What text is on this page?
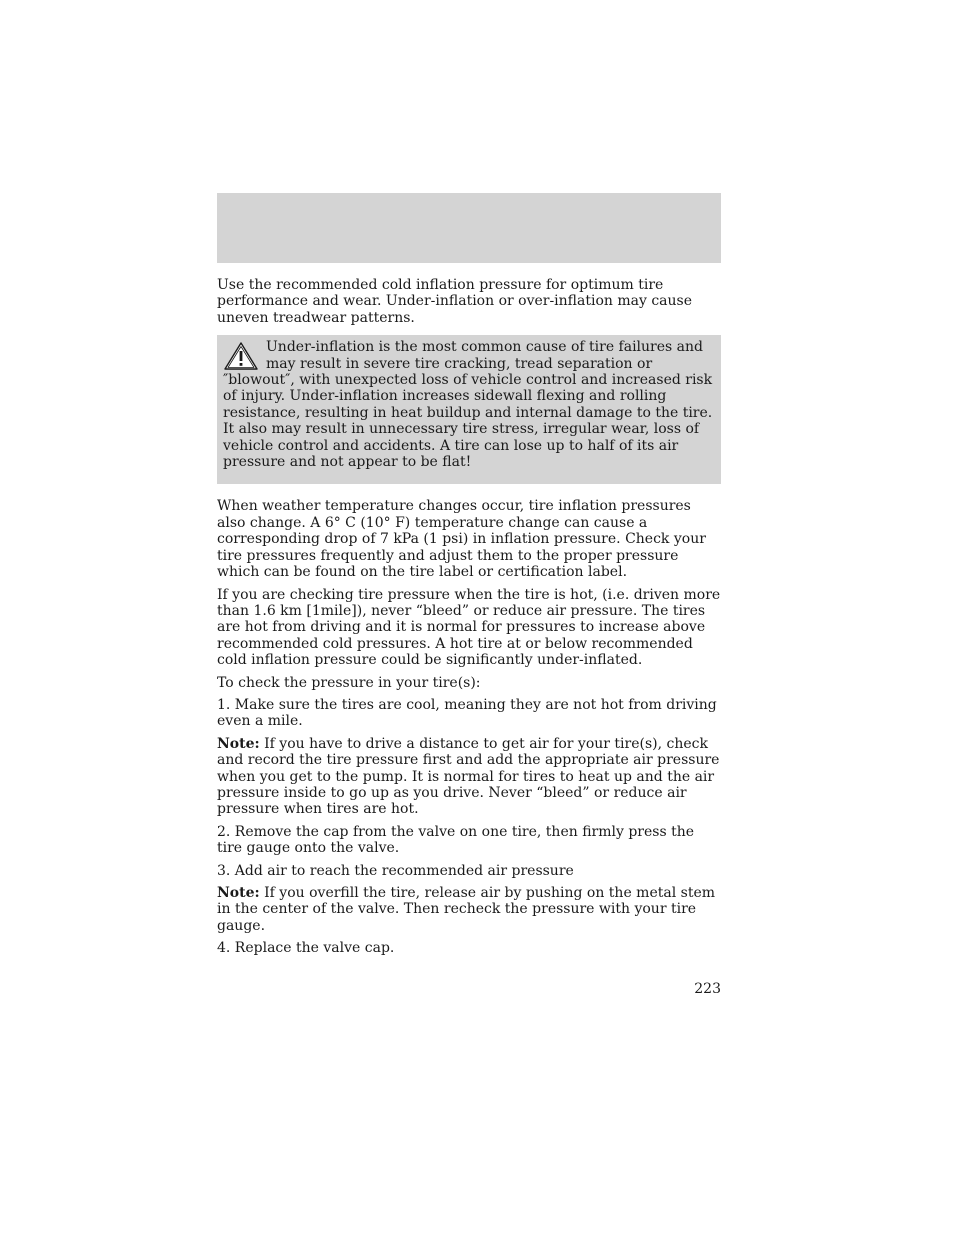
Use the recommended cold inflation pressure for optimum tire performance and wear. Under-inflation or over-inflation may cause uneven treadwear patterns.

Under-inflation is the most common cause of tire failures and may result in severe tire cracking, tread separation or ″blowout″, with unexpected loss of vehicle control and increased risk of injury. Under-inflation increases sidewall flexing and rolling resistance, resulting in heat buildup and internal damage to the tire. It also may result in unnecessary tire stress, irregular wear, loss of vehicle control and accidents. A tire can lose up to half of its air pressure and not appear to be flat!

When weather temperature changes occur, tire inflation pressures also change. A 6° C (10° F) temperature change can cause a corresponding drop of 7 kPa (1 psi) in inflation pressure. Check your tire pressures frequently and adjust them to the proper pressure which can be found on the tire label or certification label.

If you are checking tire pressure when the tire is hot, (i.e. driven more than 1.6 km [1mile]), never “bleed” or reduce air pressure. The tires are hot from driving and it is normal for pressures to increase above recommended cold pressures. A hot tire at or below recommended cold inflation pressure could be significantly under-inflated.

To check the pressure in your tire(s):

1. Make sure the tires are cool, meaning they are not hot from driving even a mile.

Note: If you have to drive a distance to get air for your tire(s), check and record the tire pressure first and add the appropriate air pressure when you get to the pump. It is normal for tires to heat up and the air pressure inside to go up as you drive. Never “bleed” or reduce air pressure when tires are hot.

2. Remove the cap from the valve on one tire, then firmly press the tire gauge onto the valve.

3. Add air to reach the recommended air pressure

Note: If you overfill the tire, release air by pushing on the metal stem in the center of the valve. Then recheck the pressure with your tire gauge.

4. Replace the valve cap.

223
